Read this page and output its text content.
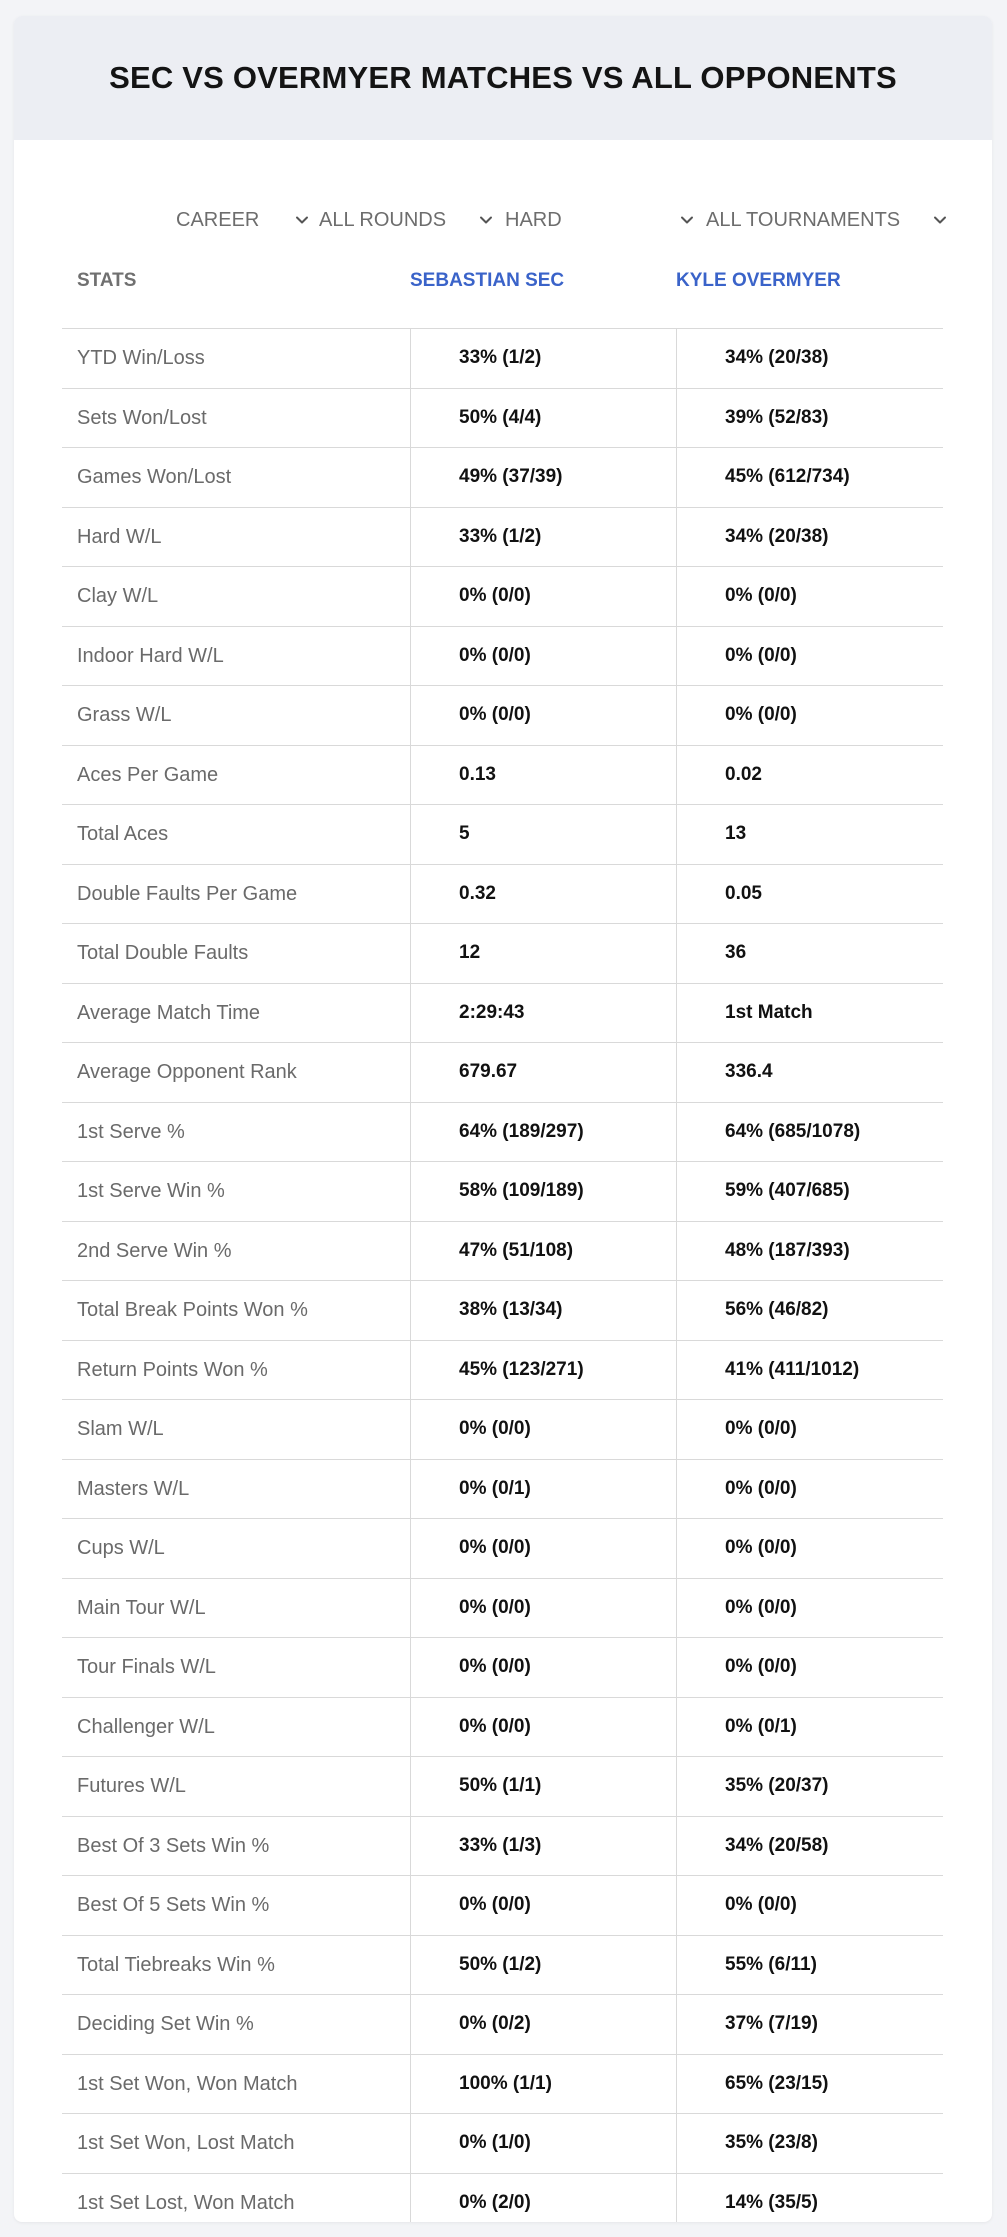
SEC VS OVERMYER MATCHES VS ALL OPPONENTS
CAREER	ALL ROUNDS	HARD	ALL TOURNAMENTS
STATS	SEBASTIAN SEC	KYLE OVERMYER
YTD Win/Loss	33% (1/2)	34% (20/38)
Sets Won/Lost	50% (4/4)	39% (52/83)
Games Won/Lost	49% (37/39)	45% (612/734)
Hard W/L	33% (1/2)	34% (20/38)
Clay W/L	0% (0/0)	0% (0/0)
Indoor Hard W/L	0% (0/0)	0% (0/0)
Grass W/L	0% (0/0)	0% (0/0)
Aces Per Game	0.13	0.02
Total Aces	5	13
Double Faults Per Game	0.32	0.05
Total Double Faults	12	36
Average Match Time	2:29:43	1st Match
Average Opponent Rank	679.67	336.4
1st Serve %	64% (189/297)	64% (685/1078)
1st Serve Win %	58% (109/189)	59% (407/685)
2nd Serve Win %	47% (51/108)	48% (187/393)
Total Break Points Won %	38% (13/34)	56% (46/82)
Return Points Won %	45% (123/271)	41% (411/1012)
Slam W/L	0% (0/0)	0% (0/0)
Masters W/L	0% (0/1)	0% (0/0)
Cups W/L	0% (0/0)	0% (0/0)
Main Tour W/L	0% (0/0)	0% (0/0)
Tour Finals W/L	0% (0/0)	0% (0/0)
Challenger W/L	0% (0/0)	0% (0/1)
Futures W/L	50% (1/1)	35% (20/37)
Best Of 3 Sets Win %	33% (1/3)	34% (20/58)
Best Of 5 Sets Win %	0% (0/0)	0% (0/0)
Total Tiebreaks Win %	50% (1/2)	55% (6/11)
Deciding Set Win %	0% (0/2)	37% (7/19)
1st Set Won, Won Match	100% (1/1)	65% (23/15)
1st Set Won, Lost Match	0% (1/0)	35% (23/8)
1st Set Lost, Won Match	0% (2/0)	14% (35/5)
